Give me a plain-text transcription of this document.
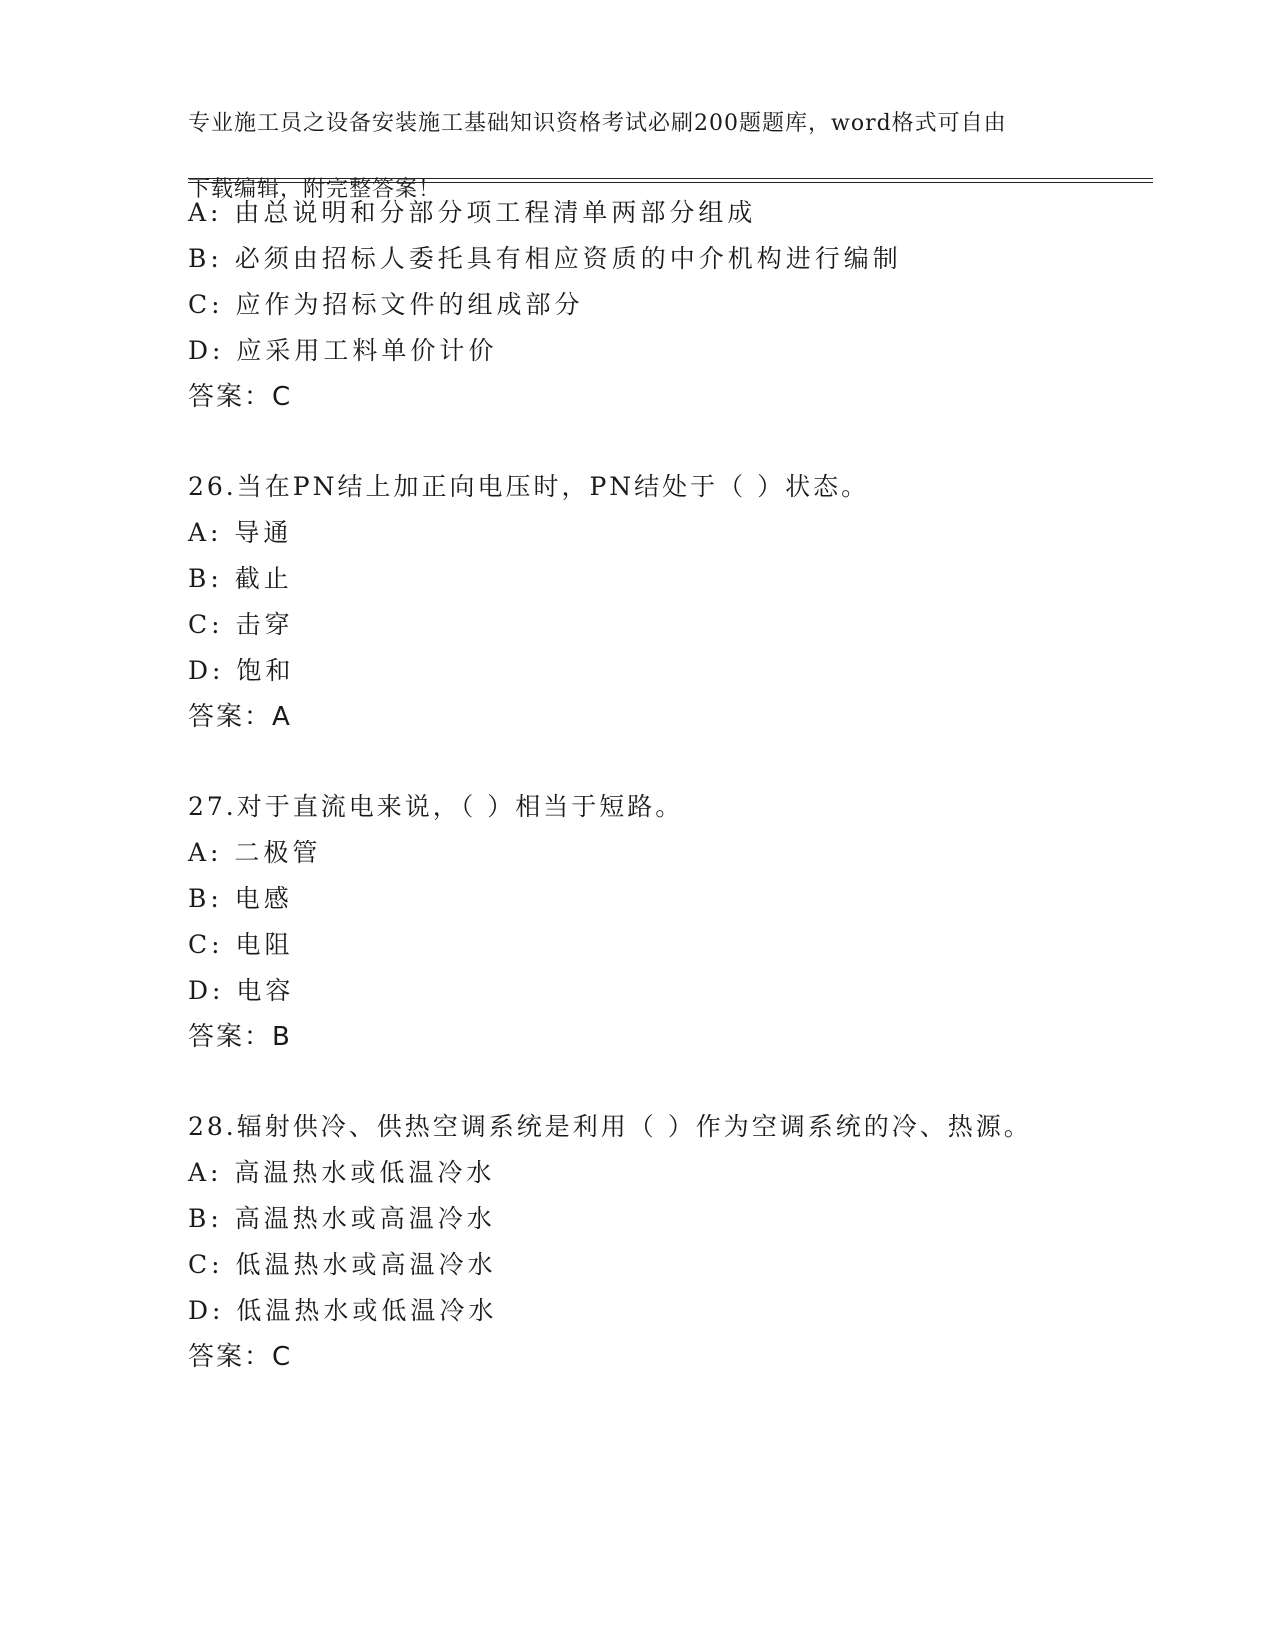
专业施工员之设备安装施工基础知识资格考试必刷200题题库，word格式可自由

下载编辑，附完整答案！

A: 由总说明和分部分项工程清单两部分组成
B: 必须由招标人委托具有相应资质的中介机构进行编制
C: 应作为招标文件的组成部分
D: 应采用工料单价计价
答案：C
26.当在PN结上加正向电压时，PN结处于（ ）状态。
A: 导通
B: 截止
C: 击穿
D: 饱和
答案：A
27.对于直流电来说，（ ）相当于短路。
A: 二极管
B: 电感
C: 电阻
D: 电容
答案：B
28.辐射供冷、供热空调系统是利用（ ）作为空调系统的冷、热源。
A: 高温热水或低温冷水
B: 高温热水或高温冷水
C: 低温热水或高温冷水
D: 低温热水或低温冷水
答案：C
